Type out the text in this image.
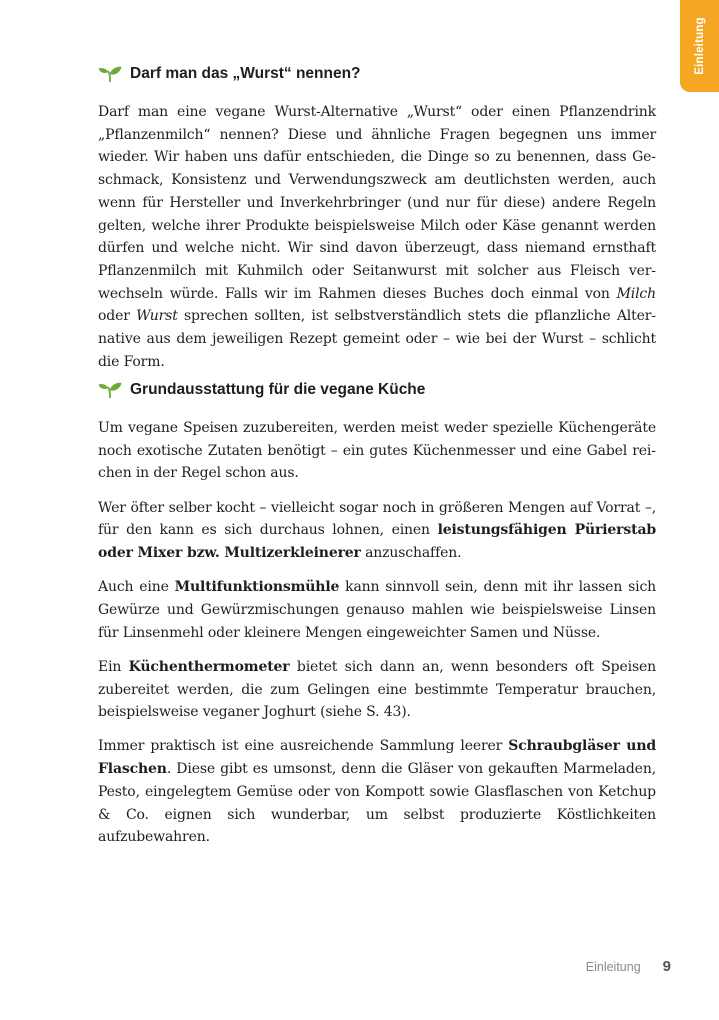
Einleitung
Darf man das „Wurst“ nennen?

Darf man eine vegane Wurst-Alternative „Wurst“ oder einen Pflanzendrink „Pflanzenmilch“ nennen? Diese und ähnliche Fragen begegnen uns immer wieder. Wir haben uns dafür entschieden, die Dinge so zu benennen, dass Geschmack, Konsistenz und Verwendungszweck am deutlichsten werden, auch wenn für Hersteller und Inverkehrbringer (und nur für diese) andere Regeln gelten, welche ihrer Produkte beispielsweise Milch oder Käse genannt werden dürfen und welche nicht. Wir sind davon überzeugt, dass niemand ernsthaft Pflanzenmilch mit Kuhmilch oder Seitanwurst mit solcher aus Fleisch verwechseln würde. Falls wir im Rahmen dieses Buches doch einmal von Milch oder Wurst sprechen sollten, ist selbstverständlich stets die pflanzliche Alternative aus dem jeweiligen Rezept gemeint oder – wie bei der Wurst – schlicht die Form.

Grundausstattung für die vegane Küche

Um vegane Speisen zuzubereiten, werden meist weder spezielle Küchengeräte noch exotische Zutaten benötigt – ein gutes Küchenmesser und eine Gabel reichen in der Regel schon aus.

Wer öfter selber kocht – vielleicht sogar noch in größeren Mengen auf Vorrat –, für den kann es sich durchaus lohnen, einen leistungsfähigen Pürierstab oder Mixer bzw. Multizerkleinerer anzuschaffen.

Auch eine Multifunktionsmühle kann sinnvoll sein, denn mit ihr lassen sich Gewürze und Gewürzmischungen genauso mahlen wie beispielsweise Linsen für Linsenmehl oder kleinere Mengen eingeweichter Samen und Nüsse.

Ein Küchenthermometer bietet sich dann an, wenn besonders oft Speisen zubereitet werden, die zum Gelingen eine bestimmte Temperatur brauchen, beispielsweise veganer Joghurt (siehe S. 43).

Immer praktisch ist eine ausreichende Sammlung leerer Schraubgläser und Flaschen. Diese gibt es umsonst, denn die Gläser von gekauften Marmeladen, Pesto, eingelegtem Gemüse oder von Kompott sowie Glasflaschen von Ketchup & Co. eignen sich wunderbar, um selbst produzierte Köstlichkeiten aufzubewahren.

Einleitung 9
